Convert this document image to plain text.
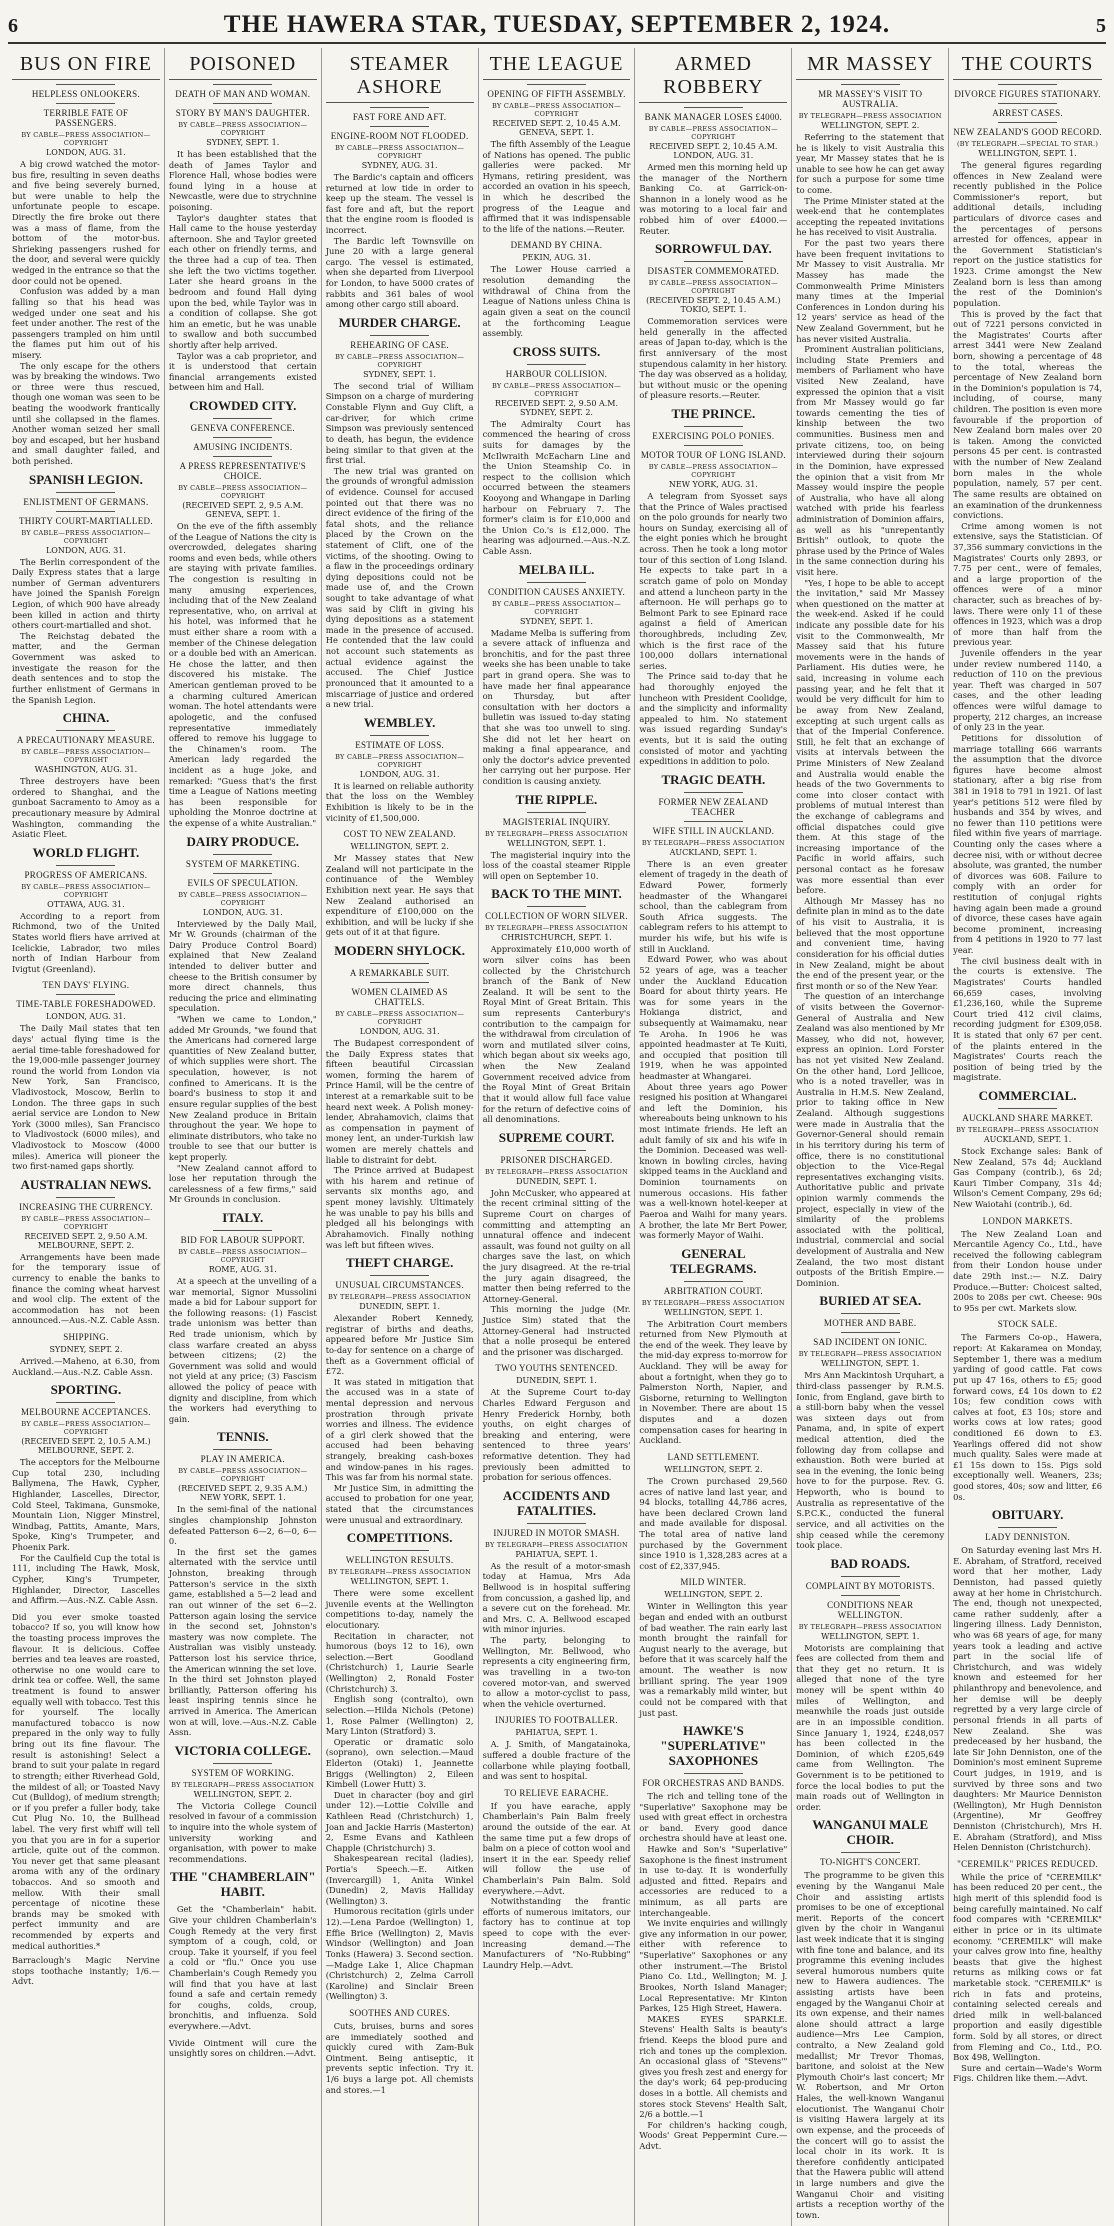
6	THE HAWERA STAR, TUESDAY, SEPTEMBER 2, 1924.	5
BUS ON FIRE
HELPLESS ONLOOKERS.
TERRIBLE FATE OF PASSENGERS.
BY CABLE—PRESS ASSOCIATION—COPYRIGHT
LONDON, AUG. 31.

A big crowd watched the motor-bus fire, resulting in seven deaths and five being severely burned, but were unable to help the unfortunate people to escape. Directly the fire broke out there was a mass of flame, from the bottom of the motor-bus. Shrieking passengers rushed for the door, and several were quickly wedged in the entrance so that the door could not be opened.

Confusion was added by a man falling so that his head was wedged under one seat and his feet under another. The rest of the passengers trampled on him until the flames put him out of his misery.

The only escape for the others was by breaking the windows. Two or three were thus rescued, though one woman was seen to be beating the woodwork frantically until she collapsed in the flames. Another woman seized her small boy and escaped, but her husband and small daughter failed, and both perished.

SPANISH LEGION.
ENLISTMENT OF GERMANS.
THIRTY COURT-MARTIALLED.
BY CABLE—PRESS ASSOCIATION—COPYRIGHT
LONDON, AUG. 31.

The Berlin correspondent of the Daily Express states that a large number of German adventurers have joined the Spanish Foreign Legion, of which 900 have already been killed in action and thirty others court-martialled and shot.

The Reichstag debated the matter, and the German Government was asked to investigate the reason for the death sentences and to stop the further enlistment of Germans in the Spanish Legion.

CHINA.
A PRECAUTIONARY MEASURE.
BY CABLE—PRESS ASSOCIATION—COPYRIGHT
WASHINGTON, AUG. 31.

Three destroyers have been ordered to Shanghai, and the gunboat Sacramento to Amoy as a precautionary measure by Admiral Washington, commanding the Asiatic Fleet.

WORLD FLIGHT.
PROGRESS OF AMERICANS.
BY CABLE—PRESS ASSOCIATION—COPYRIGHT
OTTAWA, AUG. 31.

According to a report from Richmond, two of the United States world fliers have arrived at Icelickie, Labrador, two miles north of Indian Harbour from Ivigtut (Greenland).

TEN DAYS' FLYING.
TIME-TABLE FORESHADOWED.
LONDON, AUG. 31.

The Daily Mail states that ten days' actual flying time is the aerial time-table foreshadowed for the 19,000-mile passenger journey round the world from London via New York, San Francisco, Vladivostock, Moscow, Berlin to London. The three gaps in such aerial service are London to New York (3000 miles), San Francisco to Vladivostock (6000 miles), and Vladivostock to Moscow (4000 miles). America will pioneer the two first-named gaps shortly.

AUSTRALIAN NEWS.
INCREASING THE CURRENCY.
BY CABLE—PRESS ASSOCIATION—COPYRIGHT
RECEIVED SEPT. 2, 9.50 A.M. MELBOURNE, SEPT. 2.

Arrangements have been made for the temporary issue of currency to enable the banks to finance the coming wheat harvest and wool clip. The extent of the accommodation has not been announced.—Aus.-N.Z. Cable Assn.

SHIPPING.
SYDNEY, SEPT. 2.

Arrived.—Maheno, at 6.30, from Auckland.—Aus.-N.Z. Cable Assn.

SPORTING.
MELBOURNE ACCEPTANCES.
BY CABLE—PRESS ASSOCIATION—COPYRIGHT
(RECEIVED SEPT. 2, 10.5 A.M.) MELBOURNE, SEPT. 2.

The acceptors for the Melbourne Cup total 230, including Ballymena, The Hawk, Cypher, Highlander, Lascelles, Director, Cold Steel, Takimana, Gunsmoke, Mountain Lion, Nigger Minstrel, Windbag, Pattits, Amante, Mars, Spoke, King's Trumpeter, and Phoenix Park.

For the Caulfield Cup the total is 111, including The Hawk, Mosk, Cypher, King's Trumpeter, Highlander, Director, Lascelles and Affirm.—Aus.-N.Z. Cable Assn.

Did you ever smoke toasted tobacco? If so, you will know how the toasting process improves the flavour. It is delicious. Coffee berries and tea leaves are roasted, otherwise no one would care to drink tea or coffee. Well, the same treatment is found to answer equally well with tobacco. Test this for yourself. The locally manufactured tobacco is now prepared in the only way to fully bring out its fine flavour. The result is astonishing! Select a brand to suit your palate in regard to strength; either Riverhead Gold, the mildest of all; or Toasted Navy Cut (Bulldog), of medium strength; or if you prefer a fuller body, take Cut Plug No. 10, the Bullhead label. The very first whiff will tell you that you are in for a superior article, quite out of the common. You never get that same pleasant aroma with any of the ordinary tobaccos. And so smooth and mellow. With their small percentage of nicotine these brands may be smoked with perfect immunity and are recommended by experts and medical authorities.*

Barraclough's Magic Nervine stops toothache instantly; 1/6.—Advt.

POISONED
DEATH OF MAN AND WOMAN.
STORY BY MAN'S DAUGHTER.
BY CABLE—PRESS ASSOCIATION—COPYRIGHT
SYDNEY, SEPT. 1.

It has been established that the death of James Taylor and Florence Hall, whose bodies were found lying in a house at Newcastle, were due to strychnine poisoning.

Taylor's daughter states that Hall came to the house yesterday afternoon. She and Taylor greeted each other on friendly terms, and the three had a cup of tea. Then she left the two victims together. Later she heard groans in the bedroom and found Hall dying upon the bed, while Taylor was in a condition of collapse. She got him an emetic, but he was unable to swallow and both succumbed shortly after help arrived.

Taylor was a cab proprietor, and it is understood that certain financial arrangements existed between him and Hall.

CROWDED CITY.
GENEVA CONFERENCE.
AMUSING INCIDENTS.
A PRESS REPRESENTATIVE'S CHOICE.
BY CABLE—PRESS ASSOCIATION—COPYRIGHT
(RECEIVED SEPT. 2, 9.5 A.M. GENEVA, SEPT. 1.

On the eve of the fifth assembly of the League of Nations the city is overcrowded, delegates sharing rooms and even beds, while others are staying with private families. The congestion is resulting in many amusing experiences, including that of the New Zealand representative, who, on arrival at his hotel, was informed that he must either share a room with a member of the Chinese delegation or a double bed with an American. He chose the latter, and then discovered his mistake. The American gentleman proved to be a charming cultured American woman. The hotel attendants were apologetic, and the confused representative immediately offered to remove his luggage to the Chinamen's room. The American lady regarded the incident as a huge joke, and remarked: "Guess that's the first time a League of Nations meeting has been responsible for upholding the Monroe doctrine at the expense of a white Australian."

DAIRY PRODUCE.
SYSTEM OF MARKETING.
EVILS OF SPECULATION.
BY CABLE—PRESS ASSOCIATION—COPYRIGHT
LONDON, AUG. 31.

Interviewed by the Daily Mail, Mr W. Grounds (chairman of the Dairy Produce Control Board) explained that New Zealand intended to deliver butter and cheese to the British consumer by more direct channels, thus reducing the price and eliminating speculation.

"When we came to London," added Mr Grounds, "we found that the Americans had cornered large quantities of New Zealand butter, of which supplies were short. The speculation, however, is not confined to Americans. It is the board's business to stop it and ensure regular supplies of the best New Zealand produce in Britain throughout the year. We hope to eliminate distributors, who take no trouble to see that our butter is kept properly.

"New Zealand cannot afford to lose her reputation through the carelessness of a few firms," said Mr Grounds in conclusion.

ITALY.
BID FOR LABOUR SUPPORT.
BY CABLE—PRESS ASSOCIATION—COPYRIGHT
ROME, AUG. 31.

At a speech at the unveiling of a war memorial, Signor Mussolini made a bid for Labour support for the following reasons: (1) Fascist trade unionism was better than Red trade unionism, which by class warfare created an abyss between citizens; (2) the Government was solid and would not yield at any price; (3) Fascism allowed the policy of peace with dignity and discipline, from which the workers had everything to gain.

TENNIS.
PLAY IN AMERICA.
BY CABLE—PRESS ASSOCIATION—COPYRIGHT
(RECEIVED SEPT. 2, 9.35 A.M.) NEW YORK, SEPT. 1.

In the semi-final of the national singles championship Johnston defeated Patterson 6—2, 6—0, 6—0.

In the first set the games alternated with the service until Johnston, breaking through Patterson's service in the sixth game, established a 5—2 lead and ran out winner of the set 6—2. Patterson again losing the service in the second set, Johnston's mastery was now complete. The Australian was visibly unsteady. Patterson lost his service thrice, the American winning the set love. In the third set Johnston played brilliantly, Patterson offering his least inspiring tennis since he arrived in America. The American won at will, love.—Aus.-N.Z. Cable Assn.

VICTORIA COLLEGE.
SYSTEM OF WORKING.
BY TELEGRAPH—PRESS ASSOCIATION
WELLINGTON, SEPT. 2.

The Victoria College Council resolved in favour of a commission to inquire into the whole system of university working and organisation, with power to make recommendations.

THE "CHAMBERLAIN" HABIT.

Get the "Chamberlain" habit. Give your children Chamberlain's Cough Remedy at the very first symptom of a cough, cold, or croup. Take it yourself, if you feel a cold or "flu." Once you use Chamberlain's Cough Remedy you will find that you have at last found a safe and certain remedy for coughs, colds, croup, bronchitis, and influenza. Sold everywhere.—Advt.

Vivide Ointment will cure the unsightly sores on children.—Advt.

STEAMER ASHORE
FAST FORE AND AFT.
ENGINE-ROOM NOT FLOODED.
BY CABLE—PRESS ASSOCIATION—COPYRIGHT
SYDNEY, AUG. 31.

The Bardic's captain and officers returned at low tide in order to keep up the steam. The vessel is fast fore and aft, but the report that the engine room is flooded is incorrect.

The Bardic left Townsville on June 20 with a large general cargo. The vessel is estimated, when she departed from Liverpool for London, to have 5000 crates of rabbits and 361 bales of wool among other cargo still aboard.

MURDER CHARGE.
REHEARING OF CASE.
BY CABLE—PRESS ASSOCIATION—COPYRIGHT
SYDNEY, SEPT. 1.

The second trial of William Simpson on a charge of murdering Constable Flynn and Guy Clift, a car-driver, for which crime Simpson was previously sentenced to death, has begun, the evidence being similar to that given at the first trial.

The new trial was granted on the grounds of wrongful admission of evidence. Counsel for accused pointed out that there was no direct evidence of the firing of the fatal shots, and the reliance placed by the Crown on the statement of Clift, one of the victims, of the shooting. Owing to a flaw in the proceedings ordinary dying depositions could not be made use of, and the Crown sought to take advantage of what was said by Clift in giving his dying depositions as a statement made in the presence of accused. He contended that the law could not account such statements as actual evidence against the accused. The Chief Justice pronounced that it amounted to a miscarriage of justice and ordered a new trial.

WEMBLEY.
ESTIMATE OF LOSS.
BY CABLE—PRESS ASSOCIATION—COPYRIGHT
LONDON, AUG. 31.

It is learned on reliable authority that the loss on the Wembley Exhibition is likely to be in the vicinity of £1,500,000.

COST TO NEW ZEALAND.
WELLINGTON, SEPT. 2.

Mr Massey states that New Zealand will not participate in the continuance of the Wembley Exhibition next year. He says that New Zealand authorised an expenditure of £100,000 on the exhibition, and will be lucky if she gets out of it at that figure.

MODERN SHYLOCK.
A REMARKABLE SUIT.
WOMEN CLAIMED AS CHATTELS.
BY CABLE—PRESS ASSOCIATION—COPYRIGHT
LONDON, AUG. 31.

The Budapest correspondent of the Daily Express states that fifteen beautiful Circassian women, forming the harem of Prince Hamil, will be the centre of interest at a remarkable suit to be heard next week. A Polish money-lender, Abrahamovich, claims that as compensation in payment of money lent, an under-Turkish law women are merely chattels and liable to distraint for debt.

The Prince arrived at Budapest with his harem and retinue of servants six months ago, and spent money lavishly. Ultimately he was unable to pay his bills and pledged all his belongings with Abrahamovich. Finally nothing was left but fifteen wives.

THEFT CHARGE.
UNUSUAL CIRCUMSTANCES.
BY TELEGRAPH—PRESS ASSOCIATION
DUNEDIN, SEPT. 1.

Alexander Robert Kennedy, registrar of births and deaths, appeared before Mr Justice Sim to-day for sentence on a charge of theft as a Government official of £72.

It was stated in mitigation that the accused was in a state of mental depression and nervous prostration through private worries and illness. The evidence of a girl clerk showed that the accused had been behaving strangely, breaking cash-boxes and window-panes in his rages. This was far from his normal state.

Mr Justice Sim, in admitting the accused to probation for one year, stated that the circumstances were unusual and extraordinary.

COMPETITIONS.
WELLINGTON RESULTS.
BY TELEGRAPH—PRESS ASSOCIATION
WELLINGTON, SEPT. 1.

There were some excellent juvenile events at the Wellington competitions to-day, namely the elocutionary.

Recitation in character, not humorous (boys 12 to 16), own selection.—Bert Goodland (Christchurch) 1, Laurie Searle (Wellington) 2, Ronald Foster (Christchurch) 3.

English song (contralto), own selection.—Hilda Nichols (Petone) 1, Rose Palmer (Wellington) 2, Mary Linton (Stratford) 3.

Operatic or dramatic solo (soprano), own selection.—Maud Elderton (Otaki) 1, Jeannette Briggs (Wellington) 2, Eileen Kimbell (Lower Hutt) 3.

Duet in character (boy and girl under 12).—Lottie Colville and Kathleen Read (Christchurch) 1, Joan and Jackie Harris (Masterton) 2, Esme Evans and Kathleen Chapple (Christchurch) 3.

Shakespearean recital (ladies), Portia's Speech.—E. Aitken (Invercargill) 1, Anita Winkel (Dunedin) 2, Mavis Halliday (Wellington) 3.

Humorous recitation (girls under 12).—Lena Pardoe (Wellington) 1, Effie Brice (Wellington) 2, Mavis Windsor (Wellington) and Joan Tonks (Hawera) 3. Second section.—Madge Lake 1, Alice Chapman (Christchurch) 2, Zelma Carroll (Karoline) and Sinclair Breen (Wellington) 3.

SOOTHES AND CURES.

Cuts, bruises, burns and sores are immediately soothed and quickly cured with Zam-Buk Ointment. Being antiseptic, it prevents septic infection. Try it. 1/6 buys a large pot. All chemists and stores.—1

THE LEAGUE
OPENING OF FIFTH ASSEMBLY.
BY CABLE—PRESS ASSOCIATION—COPYRIGHT
RECEIVED SEPT. 2, 10.45 A.M. GENEVA, SEPT. 1.

The fifth Assembly of the League of Nations has opened. The public galleries were packed. Mr Hymans, retiring president, was accorded an ovation in his speech, in which he described the progress of the League and affirmed that it was indispensable to the life of the nations.—Reuter.

DEMAND BY CHINA.
PEKIN, AUG. 31.

The Lower House carried a resolution demanding the withdrawal of China from the League of Nations unless China is again given a seat on the council at the forthcoming League assembly.

CROSS SUITS.
HARBOUR COLLISION.
BY CABLE—PRESS ASSOCIATION—COPYRIGHT
RECEIVED SEPT. 2, 9.50 A.M. SYDNEY, SEPT. 2.

The Admiralty Court has commenced the hearing of cross suits for damages by the McIlwraith McEacharn Line and the Union Steamship Co. in respect to the collision which occurred between the steamers Kooyong and Whangape in Darling harbour on February 7. The former's claim is for £10,000 and the Union Co.'s is £12,000. The hearing was adjourned.—Aus.-N.Z. Cable Assn.

MELBA ILL.
CONDITION CAUSES ANXIETY.
BY CABLE—PRESS ASSOCIATION—COPYRIGHT
SYDNEY, SEPT. 1.

Madame Melba is suffering from a severe attack of influenza and bronchitis, and for the past three weeks she has been unable to take part in grand opera. She was to have made her final appearance on Thursday, but after consultation with her doctors a bulletin was issued to-day stating that she was too unwell to sing. She did not let her heart on making a final appearance, and only the doctor's advice prevented her carrying out her purpose. Her condition is causing anxiety.

THE RIPPLE.
MAGISTERIAL INQUIRY.
BY TELEGRAPH—PRESS ASSOCIATION
WELLINGTON, SEPT. 1.

The magisterial inquiry into the loss of the coastal steamer Ripple will open on September 10.

BACK TO THE MINT.
COLLECTION OF WORN SILVER.
BY TELEGRAPH—PRESS ASSOCIATION
CHRISTCHURCH, SEPT. 1.

Approximately £10,000 worth of worn silver coins has been collected by the Christchurch branch of the Bank of New Zealand. It will be sent to the Royal Mint of Great Britain. This sum represents Canterbury's contribution to the campaign for the withdrawal from circulation of worn and mutilated silver coins, which began about six weeks ago, when the New Zealand Government received advice from the Royal Mint of Great Britain that it would allow full face value for the return of defective coins of all denominations.

SUPREME COURT.
PRISONER DISCHARGED.
BY TELEGRAPH—PRESS ASSOCIATION
DUNEDIN, SEPT. 1.

John McCusker, who appeared at the recent criminal sitting of the Supreme Court on charges of committing and attempting an unnatural offence and indecent assault, was found not guilty on all charges save the last, on which the jury disagreed. At the re-trial the jury again disagreed, the matter then being referred to the Attorney-General.

This morning the judge (Mr. Justice Sim) stated that the Attorney-General had instructed that a nolle prosequi be entered and the prisoner was discharged.

TWO YOUTHS SENTENCED.
DUNEDIN, SEPT. 1.

At the Supreme Court to-day Charles Edward Ferguson and Henry Frederick Hornby, both youths, on eight charges of breaking and entering, were sentenced to three years' reformative detention. They had previously been admitted to probation for serious offences.

ACCIDENTS AND FATALITIES.
INJURED IN MOTOR SMASH.
BY TELEGRAPH—PRESS ASSOCIATION
PAHIATUA, SEPT. 1.

As the result of a motor-smash today at Hamua, Mrs Ada Bellwood is in hospital suffering from concussion, a gashed lip, and a severe cut on the forehead. Mr. and Mrs. C. A. Bellwood escaped with minor injuries.

The party, belonging to Wellington, Mr. Bellwood, who represents a city engineering firm, was travelling in a two-ton covered motor-van, and swerved to allow a motor-cyclist to pass, when the vehicle overturned.

INJURIES TO FOOTBALLER.
PAHIATUA, SEPT. 1.

A. J. Smith, of Mangatainoka, suffered a double fracture of the collarbone while playing football, and was sent to hospital.

TO RELIEVE EARACHE.

If you have earache, apply Chamberlain's Pain Balm freely around the outside of the ear. At the same time put a few drops of balm on a piece of cotton wool and insert it in the ear. Speedy relief will follow the use of Chamberlain's Pain Balm. Sold everywhere.—Advt.

Notwithstanding the frantic efforts of numerous imitators, our factory has to continue at top speed to cope with the ever-increasing demand.—The Manufacturers of "No-Rubbing" Laundry Help.—Advt.

ARMED ROBBERY
BANK MANAGER LOSES £4000.
BY CABLE—PRESS ASSOCIATION—COPYRIGHT
RECEIVED SEPT. 2, 10.45 A.M. LONDON, AUG. 31.

Armed men this morning held up the manager of the Northern Banking Co. at Garrick-on-Shannon in a lonely wood as he was motoring to a local fair and robbed him of over £4000.—Reuter.

SORROWFUL DAY.
DISASTER COMMEMORATED.
BY CABLE—PRESS ASSOCIATION—COPYRIGHT
(RECEIVED SEPT. 2, 10.45 A.M.) TOKIO, SEPT. 1.

Commemoration services were held generally in the affected areas of Japan to-day, which is the first anniversary of the most stupendous calamity in her history. The day was observed as a holiday, but without music or the opening of pleasure resorts.—Reuter.

THE PRINCE.
EXERCISING POLO PONIES.
MOTOR TOUR OF LONG ISLAND.
BY CABLE—PRESS ASSOCIATION—COPYRIGHT
NEW YORK, AUG. 31.

A telegram from Syosset says that the Prince of Wales practised on the polo grounds for nearly two hours on Sunday, exercising all of the eight ponies which he brought across. Then he took a long motor tour of this section of Long Island. He expects to take part in a scratch game of polo on Monday and attend a luncheon party in the afternoon. He will perhaps go to Belmont Park to see Epinard race against a field of American thoroughbreds, including Zev, which is the first race of the 100,000 dollars international series.

The Prince said to-day that he had thoroughly enjoyed the luncheon with President Coolidge, and the simplicity and informality appealed to him. No statement was issued regarding Sunday's events, but it is said the outing consisted of motor and yachting expeditions in addition to polo.

TRAGIC DEATH.
FORMER NEW ZEALAND TEACHER
WIFE STILL IN AUCKLAND.
BY TELEGRAPH—PRESS ASSOCIATION
AUCKLAND, SEPT. 1.

There is an even greater element of tragedy in the death of Edward Power, formerly headmaster of the Whangarei school, than the cablegram from South Africa suggests. The cablegram refers to his attempt to murder his wife, but his wife is still in Auckland.

Edward Power, who was about 52 years of age, was a teacher under the Auckland Education Board for about thirty years. He was for some years in the Hokianga district, and subsequently at Waimamaku, near Te Aroha. In 1906 he was appointed headmaster at Te Kuiti, and occupied that position till 1919, when he was appointed headmaster at Whangarei.

About three years ago Power resigned his position at Whangarei and left the Dominion, his whereabouts being unknown to his most intimate friends. He left an adult family of six and his wife in the Dominion. Deceased was well-known in bowling circles, having skipped teams in the Auckland and Dominion tournaments on numerous occasions. His father was a well-known hotel-keeper at Paeroa and Waihi for many years. A brother, the late Mr Bert Power, was formerly Mayor of Waihi.

GENERAL TELEGRAMS.
ARBITRATION COURT.
BY TELEGRAPH—PRESS ASSOCIATION
WELLINGTON, SEPT. 1.

The Arbitration Court members returned from New Plymouth at the end of the week. They leave by the mid-day express to-morrow for Auckland. They will be away for about a fortnight, when they go to Palmerston North, Napier, and Gisborne, returning to Wellington in November. There are about 15 disputes and a dozen compensation cases for hearing in Auckland.

LAND SETTLEMENT.
WELLINGTON, SEPT. 2.

The Crown purchased 29,560 acres of native land last year, and 94 blocks, totalling 44,786 acres, have been declared Crown land and made available for disposal. The total area of native land purchased by the Government since 1910 is 1,328,283 acres at a cost of £2,337,945.

MILD WINTER.
WELLINGTON, SEPT. 2.

Winter in Wellington this year began and ended with an outburst of bad weather. The rain early last month brought the rainfall for August nearly to the average, but before that it was scarcely half the amount. The weather is now brilliant spring. The year 1909 was a remarkably mild winter, but could not be compared with that just past.

HAWKE'S "SUPERLATIVE" SAXOPHONES
FOR ORCHESTRAS AND BANDS.

The rich and telling tone of the "Superlative" Saxophone may be used with great effect in orchestra or band. Every good dance orchestra should have at least one.

Hawke and Son's "Superlative" Saxophone is the finest instrument in use to-day. It is wonderfully adjusted and fitted. Repairs and accessories are reduced to a minimum, as all parts are interchangeable.

We invite enquiries and willingly give any information in our power, either with reference to "Superlative" Saxophones or any other instrument.—The Bristol Piano Co. Ltd., Wellington; M. J. Brookes, North Island Manager; Local Representative: Mr Kinton Parkes, 125 High Street, Hawera.

MAKES EYES SPARKLE. Stevens' Health Salts is beauty's friend. Keeps the blood pure and rich and tones up the complexion. An occasional glass of "Stevens'" gives you fresh zest and energy for the day's work; 64 pep-producing doses in a bottle. All chemists and stores stock Stevens' Health Salt, 2/6 a bottle.—1

For children's hacking cough, Woods' Great Peppermint Cure.—Advt.

MR MASSEY
MR MASSEY'S VISIT TO AUSTRALIA.
BY TELEGRAPH—PRESS ASSOCIATION
WELLINGTON, SEPT. 2.

Referring to the statement that he is likely to visit Australia this year, Mr Massey states that he is unable to see how he can get away for such a purpose for some time to come.

The Prime Minister stated at the week-end that he contemplates accepting the repeated invitations he has received to visit Australia.

For the past two years there have been frequent invitations to Mr Massey to visit Australia. Mr Massey has made the Commonwealth Prime Ministers many times at the Imperial Conferences in London during his 12 years' service as head of the New Zealand Government, but he has never visited Australia.

Prominent Australian politicians, including State Premiers and members of Parliament who have visited New Zealand, have expressed the opinion that a visit from Mr Massey would go far towards cementing the ties of kinship between the two communities. Business men and private citizens, too, on being interviewed during their sojourn in the Dominion, have expressed the opinion that a visit from Mr Massey would inspire the people of Australia, who have all along watched with pride his fearless administration of Dominion affairs, as well as his "unrepentantly British" outlook, to quote the phrase used by the Prince of Wales in the same connection during his visit here.

"Yes, I hope to be able to accept the invitation," said Mr Massey when questioned on the matter at the week-end. Asked if he could indicate any possible date for his visit to the Commonwealth, Mr Massey said that his future movements were in the hands of Parliament. His duties were, he said, increasing in volume each passing year, and he felt that it would be very difficult for him to be away from New Zealand, excepting at such urgent calls as that of the Imperial Conference. Still, he felt that an exchange of visits at intervals between the Prime Ministers of New Zealand and Australia would enable the heads of the two Governments to come into closer contact with problems of mutual interest than the exchange of cablegrams and official dispatches could give them. At this stage of the increasing importance of the Pacific in world affairs, such personal contact as he foresaw was more essential than ever before.

Although Mr Massey has no definite plan in mind as to the date of his visit to Australia, it is believed that the most opportune and convenient time, having consideration for his official duties in New Zealand, might be about the end of the present year, or the first month or so of the New Year.

The question of an interchange of visits between the Governor-General of Australia and New Zealand was also mentioned by Mr Massey, who did not, however, express an opinion. Lord Forster has not yet visited New Zealand. On the other hand, Lord Jellicoe, who is a noted traveller, was in Australia in H.M.S. New Zealand, prior to taking office in New Zealand. Although suggestions were made in Australia that the Governor-General should remain in his territory during his term of office, there is no constitutional objection to the Vice-Regal representatives exchanging visits. Authoritative public and private opinion warmly commends the project, especially in view of the similarity of the problems associated with the political, industrial, commercial and social development of Australia and New Zealand, the two most distant outposts of the British Empire.—Dominion.

BURIED AT SEA.
MOTHER AND BABE.
SAD INCIDENT ON IONIC.
BY TELEGRAPH—PRESS ASSOCIATION
WELLINGTON, SEPT. 1.

Mrs Ann Mackintosh Urquhart, a third-class passenger by R.M.S. Ionic, from England, gave birth to a still-born baby when the vessel was sixteen days out from Panama, and, in spite of expert medical attention, died the following day from collapse and exhaustion. Both were buried at sea in the evening, the Ionic being hove to for the purpose. Rev. G. Hepworth, who is bound to Australia as representative of the S.P.C.K., conducted the funeral service, and all activities on the ship ceased while the ceremony took place.

BAD ROADS.
COMPLAINT BY MOTORISTS.
CONDITIONS NEAR WELLINGTON.
BY TELEGRAPH—PRESS ASSOCIATION
WELLINGTON, SEPT. 1.

Motorists are complaining that fees are collected from them and that they get no return. It is alleged that none of the tyre money will be spent within 40 miles of Wellington, and meanwhile the roads just outside are in an impossible condition. Since January 1, 1924, £248,057 has been collected in the Dominion, of which £205,649 came from Wellington. The Government is to be petitioned to force the local bodies to put the main roads out of Wellington in order.

WANGANUI MALE CHOIR.
TO-NIGHT'S CONCERT.

The programme to be given this evening by the Wanganui Male Choir and assisting artists promises to be one of exceptional merit. Reports of the concert given by the choir in Wanganui last week indicate that it is singing with fine tone and balance, and its programme this evening includes several humorous numbers quite new to Hawera audiences. The assisting artists have been engaged by the Wanganui Choir at its own expense, and their names alone should attract a large audience—Mrs Lee Campion, contralto, a New Zealand gold medallist; Mr Trevor Thomas, baritone, and soloist at the New Plymouth Choir's last concert; Mr W. Robertson, and Mr Orton Hales, the well-known Wanganui elocutionist. The Wanganui Choir is visiting Hawera largely at its own expense, and the proceeds of the concert will go to assist the local choir in its work. It is therefore confidently anticipated that the Hawera public will attend in large numbers and give the Wanganui Choir and visiting artists a reception worthy of the town.

THE COURTS
DIVORCE FIGURES STATIONARY.
ARREST CASES.
NEW ZEALAND'S GOOD RECORD.
(BY TELEGRAPH.—SPECIAL TO STAR.)
WELLINGTON, SEPT. 1.

The general figures regarding offences in New Zealand were recently published in the Police Commissioner's report, but additional details, including particulars of divorce cases and the percentages of persons arrested for offences, appear in the Government Statistician's report on the justice statistics for 1923. Crime amongst the New Zealand born is less than among the rest of the Dominion's population.

This is proved by the fact that out of 7221 persons convicted in the Magistrates' Courts after arrest 3441 were New Zealand born, showing a percentage of 48 to the total, whereas the percentage of New Zealand born in the Dominion's population is 74, including, of course, many children. The position is even more favourable if the proportion of New Zealand born males over 20 is taken. Among the convicted persons 45 per cent. is contrasted with the number of New Zealand born males in the whole population, namely, 57 per cent. The same results are obtained on an examination of the drunkenness convictions.

Crime among women is not extensive, says the Statistician. Of 37,356 summary convictions in the Magistrates' Courts only 2893, or 7.75 per cent., were of females, and a large proportion of the offences were of a minor character, such as breaches of by-laws. There were only 11 of these offences in 1923, which was a drop of more than half from the previous year.

Juvenile offenders in the year under review numbered 1140, a reduction of 110 on the previous year. Theft was charged in 507 cases, and the other leading offences were wilful damage to property, 212 charges, an increase of only 23 in the year.

Petitions for dissolution of marriage totalling 666 warrants the assumption that the divorce figures have become almost stationary, after a big rise from 381 in 1918 to 791 in 1921. Of last year's petitions 512 were filed by husbands and 354 by wives, and no fewer than 110 petitions were filed within five years of marriage. Counting only the cases where a decree nisi, with or without decree absolute, was granted, the number of divorces was 608. Failure to comply with an order for restitution of conjugal rights having again been made a ground of divorce, these cases have again become prominent, increasing from 4 petitions in 1920 to 77 last year.

The civil business dealt with in the courts is extensive. The Magistrates' Courts handled 66,659 cases, involving £1,236,160, while the Supreme Court tried 412 civil claims, recording judgment for £309,058. It is stated that only 67 per cent. of the plaints entered in the Magistrates' Courts reach the position of being tried by the magistrate.

COMMERCIAL.
AUCKLAND SHARE MARKET.
BY TELEGRAPH—PRESS ASSOCIATION
AUCKLAND, SEPT. 1.

Stock Exchange sales: Bank of New Zealand, 57s 4d; Auckland Gas Company (contrib.), 6s 2d; Kauri Timber Company, 31s 4d; Wilson's Cement Company, 29s 6d; New Waiotahi (contrib.), 6d.

LONDON MARKETS.

The New Zealand Loan and Mercantile Agency Co., Ltd., have received the following cablegram from their London house under date 29th inst.:— N.Z. Dairy Produce.—Butter: Choicest salted, 200s to 208s per cwt. Cheese: 90s to 95s per cwt. Markets slow.

STOCK SALE.

The Farmers Co-op., Hawera, report: At Kakaramea on Monday, September 1, there was a medium yarding of good cattle. Fat cows put up 47 16s, others to £5; good forward cows, £4 10s down to £2 10s; few condition cows with calves at foot, £3 10s; store and works cows at low rates; good conditioned £6 down to £3. Yearlings offered did not show much quality. Sales were made at £1 15s down to 15s. Pigs sold exceptionally well. Weaners, 23s; good stores, 40s; sow and litter, £6 0s.

OBITUARY.
LADY DENNISTON.

On Saturday evening last Mrs H. E. Abraham, of Stratford, received word that her mother, Lady Denniston, had passed quietly away at her home in Christchurch. The end, though not unexpected, came rather suddenly, after a lingering illness. Lady Denniston, who was 68 years of age, for many years took a leading and active part in the social life of Christchurch, and was widely known and esteemed for her philanthropy and benevolence, and her demise will be deeply regretted by a very large circle of personal friends in all parts of New Zealand. She was predeceased by her husband, the late Sir John Denniston, one of the Dominion's most eminent Supreme Court judges, in 1919, and is survived by three sons and two daughters: Mr Maurice Denniston (Wellington), Mr Hugh Denniston (Argentine), Mr Geoffrey Denniston (Christchurch), Mrs H. E. Abraham (Stratford), and Miss Helen Denniston (Christchurch).

"CEREMILK" PRICES REDUCED.

While the price of "CEREMILK" has been reduced 20 per cent., the high merit of this splendid food is being carefully maintained. No calf food compares with "CEREMILK" either in price or in its ultimate economy. "CEREMILK" will make your calves grow into fine, healthy beasts that give the highest returns as milking cows or fat marketable stock. "CEREMILK" is rich in fats and proteins, containing selected cereals and dried milk in well-balanced proportion and easily digestible form. Sold by all stores, or direct from Fleming and Co., Ltd., P.O. Box 498, Wellington.

Sure and certain—Wade's Worm Figs. Children like them.—Advt.
